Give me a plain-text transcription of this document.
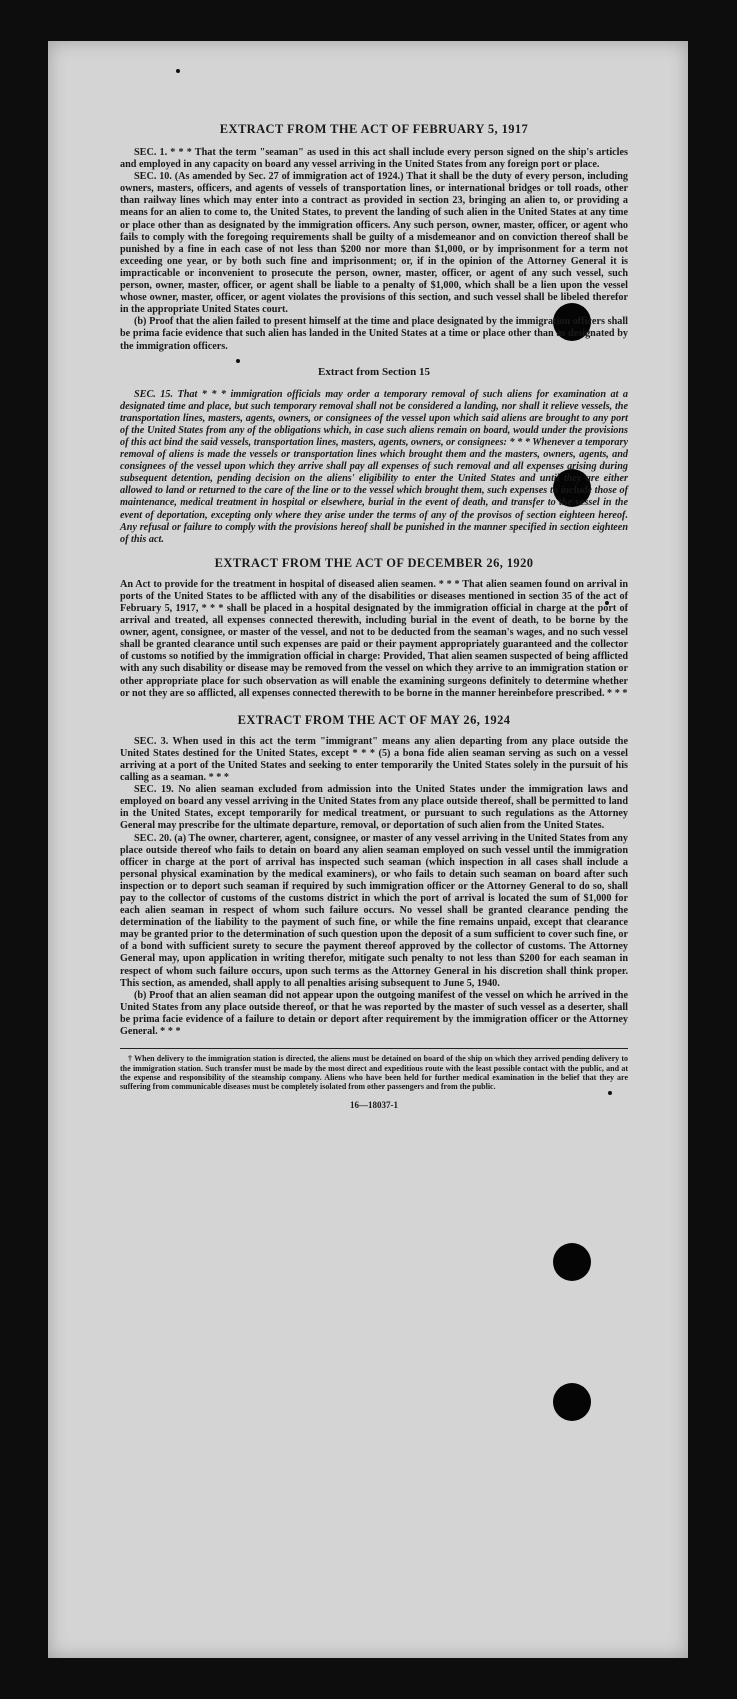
EXTRACT FROM THE ACT OF FEBRUARY 5, 1917

SEC. 1. * * * That the term "seaman" as used in this act shall include every person signed on the ship's articles and employed in any capacity on board any vessel arriving in the United States from any foreign port or place.

SEC. 10. (As amended by Sec. 27 of immigration act of 1924.) That it shall be the duty of every person, including owners, masters, officers, and agents of vessels of transportation lines, or international bridges or toll roads, other than railway lines which may enter into a contract as provided in section 23, bringing an alien to, or providing a means for an alien to come to, the United States, to prevent the landing of such alien in the United States at any time or place other than as designated by the immigration officers. Any such person, owner, master, officer, or agent who fails to comply with the foregoing requirements shall be guilty of a misdemeanor and on conviction thereof shall be punished by a fine in each case of not less than $200 nor more than $1,000, or by imprisonment for a term not exceeding one year, or by both such fine and imprisonment; or, if in the opinion of the Attorney General it is impracticable or inconvenient to prosecute the person, owner, master, officer, or agent of any such vessel, such person, owner, master, officer, or agent shall be liable to a penalty of $1,000, which shall be a lien upon the vessel whose owner, master, officer, or agent violates the provisions of this section, and such vessel shall be libeled therefor in the appropriate United States court.

(b) Proof that the alien failed to present himself at the time and place designated by the immigration officers shall be prima facie evidence that such alien has landed in the United States at a time or place other than as designated by the immigration officers.

Extract from Section 15

SEC. 15. That * * * immigration officials may order a temporary removal of such aliens for examination at a designated time and place, but such temporary removal shall not be considered a landing, nor shall it relieve vessels, the transportation lines, masters, agents, owners, or consignees of the vessel upon which said aliens are brought to any port of the United States from any of the obligations which, in case such aliens remain on board, would under the provisions of this act bind the said vessels, transportation lines, masters, agents, owners, or consignees: * * * Whenever a temporary removal of aliens is made the vessels or transportation lines which brought them and the masters, owners, agents, and consignees of the vessel upon which they arrive shall pay all expenses of such removal and all expenses arising during subsequent detention, pending decision on the aliens' eligibility to enter the United States and until they are either allowed to land or returned to the care of the line or to the vessel which brought them, such expenses to include those of maintenance, medical treatment in hospital or elsewhere, burial in the event of death, and transfer to the vessel in the event of deportation, excepting only where they arise under the terms of any of the provisos of section eighteen hereof. Any refusal or failure to comply with the provisions hereof shall be punished in the manner specified in section eighteen of this act.

EXTRACT FROM THE ACT OF DECEMBER 26, 1920

An Act to provide for the treatment in hospital of diseased alien seamen. * * * That alien seamen found on arrival in ports of the United States to be afflicted with any of the disabilities or diseases mentioned in section 35 of the act of February 5, 1917, * * * shall be placed in a hospital designated by the immigration official in charge at the port of arrival and treated, all expenses connected therewith, including burial in the event of death, to be borne by the owner, agent, consignee, or master of the vessel, and not to be deducted from the seaman's wages, and no such vessel shall be granted clearance until such expenses are paid or their payment appropriately guaranteed and the collector of customs so notified by the immigration official in charge: Provided, That alien seamen suspected of being afflicted with any such disability or disease may be removed from the vessel on which they arrive to an immigration station or other appropriate place for such observation as will enable the examining surgeons definitely to determine whether or not they are so afflicted, all expenses connected therewith to be borne in the manner hereinbefore prescribed. * * *

EXTRACT FROM THE ACT OF MAY 26, 1924

SEC. 3. When used in this act the term "immigrant" means any alien departing from any place outside the United States destined for the United States, except * * * (5) a bona fide alien seaman serving as such on a vessel arriving at a port of the United States and seeking to enter temporarily the United States solely in the pursuit of his calling as a seaman. * * *

SEC. 19. No alien seaman excluded from admission into the United States under the immigration laws and employed on board any vessel arriving in the United States from any place outside thereof, shall be permitted to land in the United States, except temporarily for medical treatment, or pursuant to such regulations as the Attorney General may prescribe for the ultimate departure, removal, or deportation of such alien from the United States.

SEC. 20. (a) The owner, charterer, agent, consignee, or master of any vessel arriving in the United States from any place outside thereof who fails to detain on board any alien seaman employed on such vessel until the immigration officer in charge at the port of arrival has inspected such seaman (which inspection in all cases shall include a personal physical examination by the medical examiners), or who fails to detain such seaman on board after such inspection or to deport such seaman if required by such immigration officer or the Attorney General to do so, shall pay to the collector of customs of the customs district in which the port of arrival is located the sum of $1,000 for each alien seaman in respect of whom such failure occurs. No vessel shall be granted clearance pending the determination of the liability to the payment of such fine, or while the fine remains unpaid, except that clearance may be granted prior to the determination of such question upon the deposit of a sum sufficient to cover such fine, or of a bond with sufficient surety to secure the payment thereof approved by the collector of customs. The Attorney General may, upon application in writing therefor, mitigate such penalty to not less than $200 for each seaman in respect of whom such failure occurs, upon such terms as the Attorney General in his discretion shall think proper. This section, as amended, shall apply to all penalties arising subsequent to June 5, 1940.

(b) Proof that an alien seaman did not appear upon the outgoing manifest of the vessel on which he arrived in the United States from any place outside thereof, or that he was reported by the master of such vessel as a deserter, shall be prima facie evidence of a failure to detain or deport after requirement by the immigration officer or the Attorney General. * * *

† When delivery to the immigration station is directed, the aliens must be detained on board of the ship on which they arrived pending delivery to the immigration station. Such transfer must be made by the most direct and expeditious route with the least possible contact with the public, and at the expense and responsibility of the steamship company. Aliens who have been held for further medical examination in the belief that they are suffering from communicable diseases must be completely isolated from other passengers and from the public.

16—18037-1
